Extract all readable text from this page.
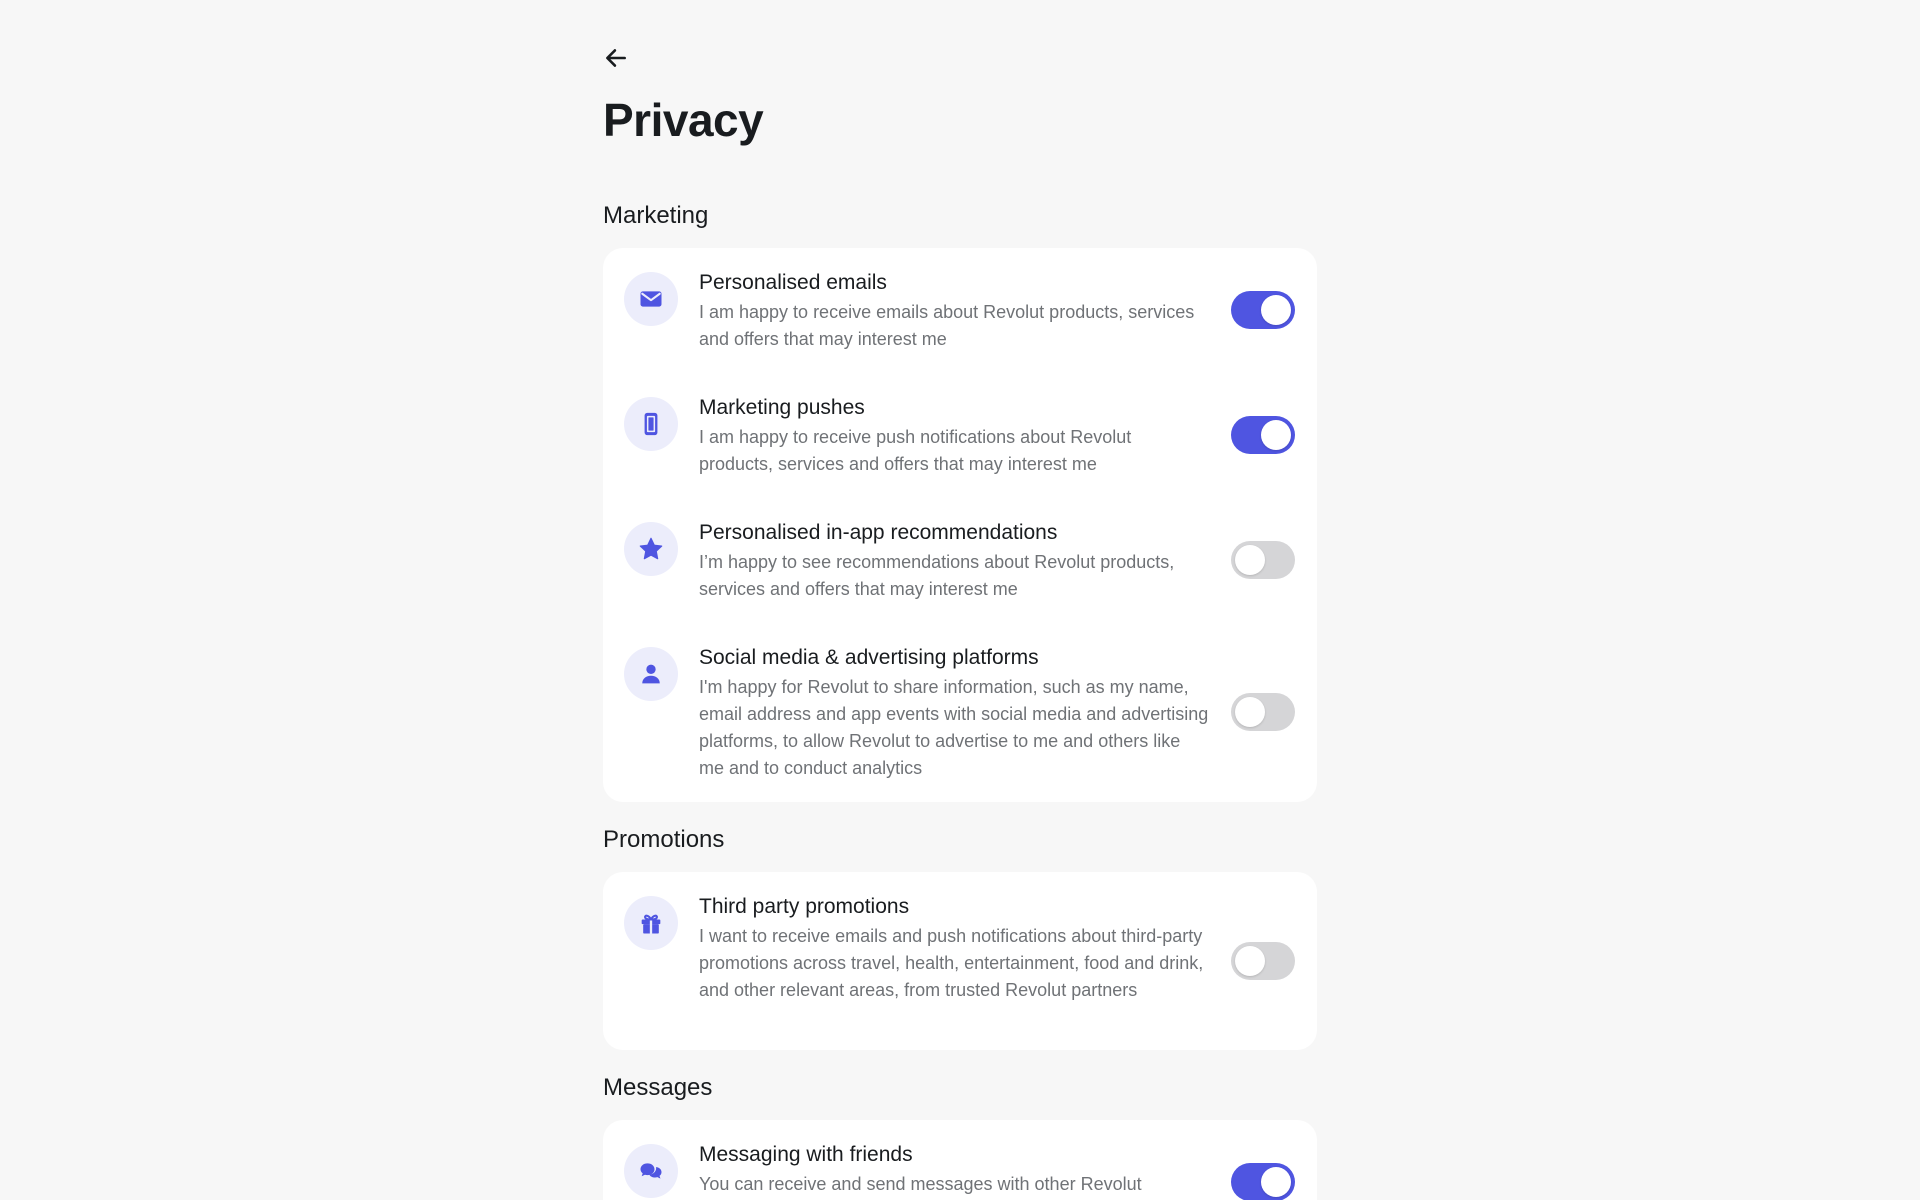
Privacy
Marketing

Personalised emails

I am happy to receive emails about Revolut products, services and offers that may interest me

Marketing pushes

I am happy to receive push notifications about Revolut products, services and offers that may interest me

Personalised in-app recommendations

I’m happy to see recommendations about Revolut products, services and offers that may interest me

Social media & advertising platforms

I'm happy for Revolut to share information, such as my name, email address and app events with social media and advertising platforms, to allow Revolut to advertise to me and others like me and to conduct analytics

Promotions

Third party promotions

I want to receive emails and push notifications about third-party promotions across travel, health, entertainment, food and drink, and other relevant areas, from trusted Revolut partners

Messages

Messaging with friends

You can receive and send messages with other Revolut
